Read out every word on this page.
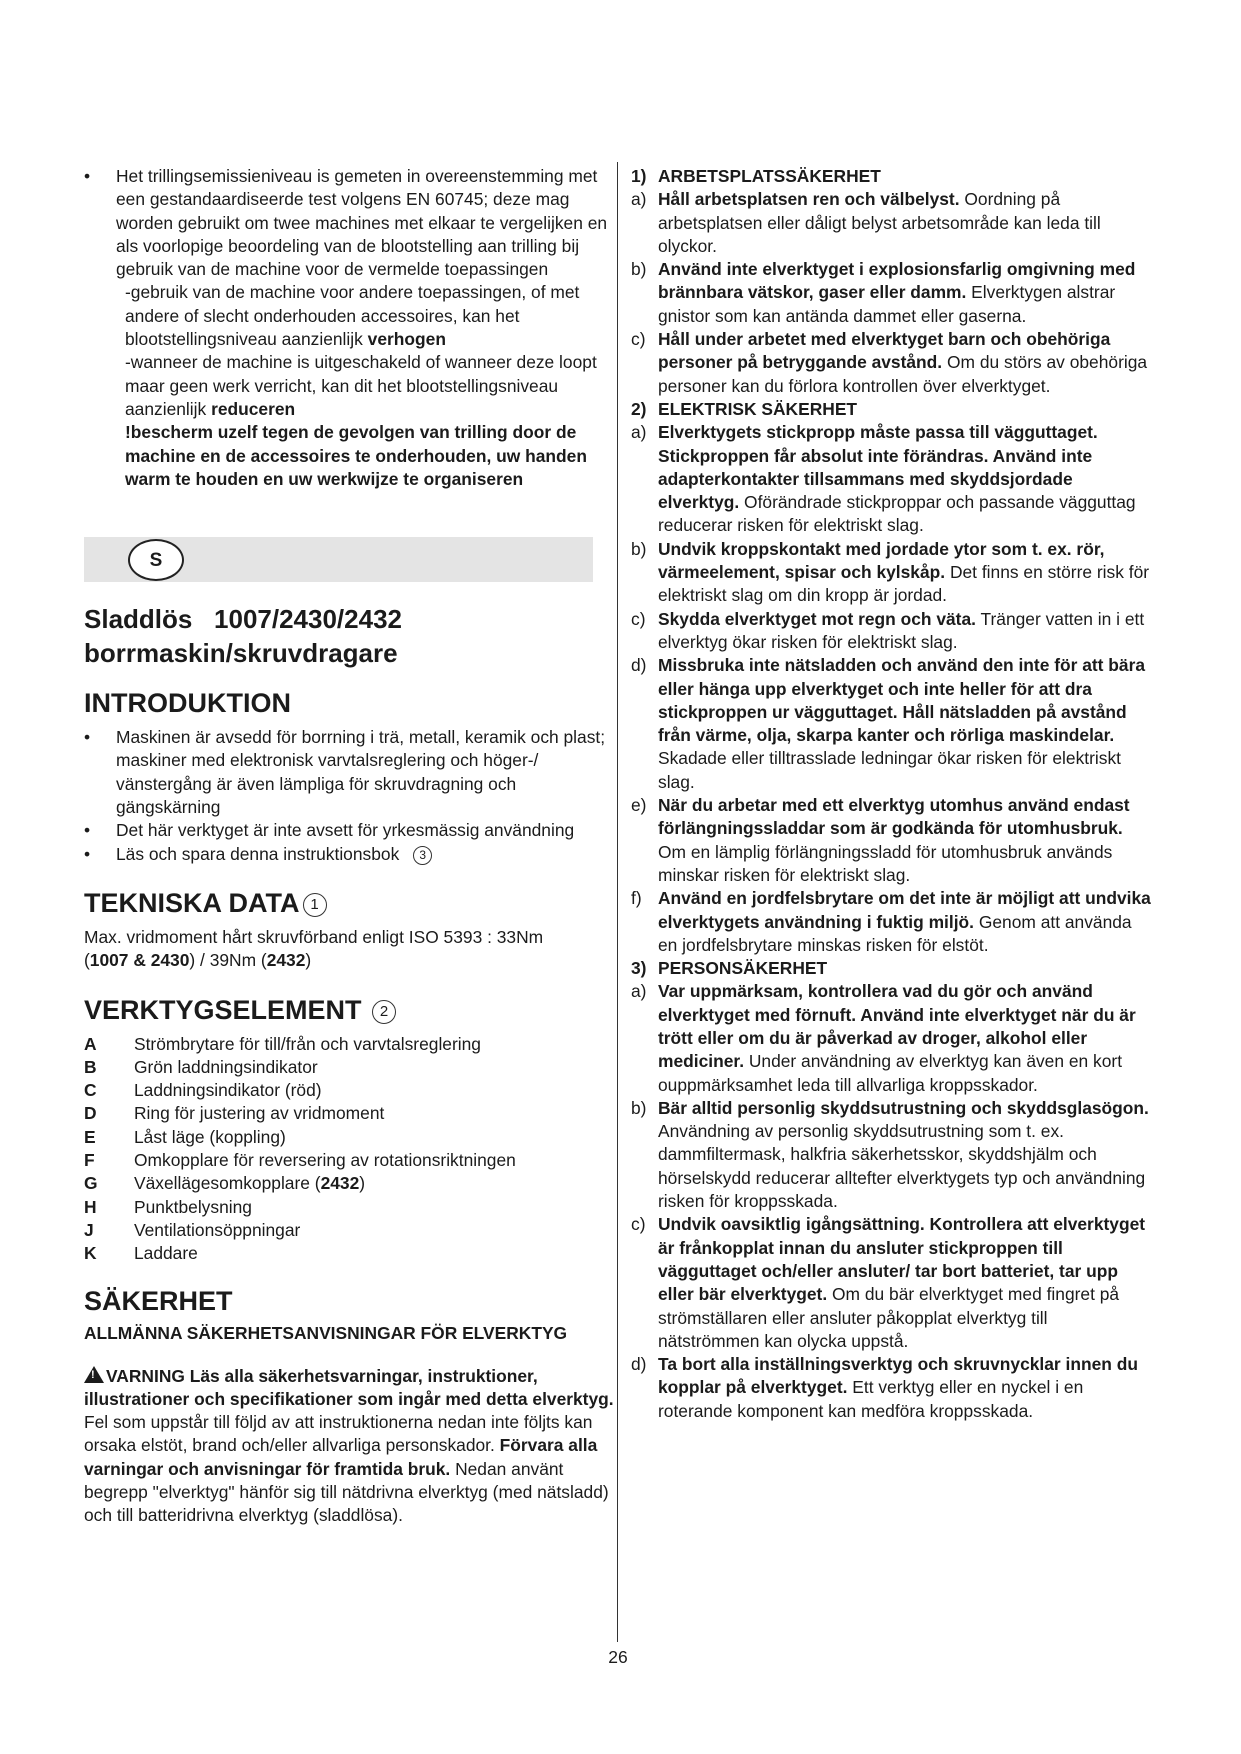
• Het trillingsemissieniveau is gemeten in overeenstemming met een gestandaardiseerde test volgens EN 60745; deze mag worden gebruikt om twee machines met elkaar te vergelijken en als voorlopige beoordeling van de blootstelling aan trilling bij gebruik van de machine voor de vermelde toepassingen

-gebruik van de machine voor andere toepassingen, of met andere of slecht onderhouden accessoires, kan het blootstellingsniveau aanzienlijk verhogen

-wanneer de machine is uitgeschakeld of wanneer deze loopt maar geen werk verricht, kan dit het blootstellingsniveau aanzienlijk reduceren

!bescherm uzelf tegen de gevolgen van trilling door de machine en de accessoires te onderhouden, uw handen warm te houden en uw werkwijze te organiseren

S
Sladdlös   1007/2430/2432
borrmaskin/skruvdragare
INTRODUKTION
• Maskinen är avsedd för borrning i trä, metall, keramik och plast; maskiner med elektronisk varvtalsreglering och höger-/ vänstergång är även lämpliga för skruvdragning och gängskärning
• Det här verktyget är inte avsett för yrkesmässig användning
• Läs och spara denna instruktionsbok 3
TEKNISKA DATA 1

Max. vridmoment hårt skruvförband enligt ISO 5393 : 33Nm
(1007 & 2430) / 39Nm (2432)

VERKTYGSELEMENT 2
A	Strömbrytare för till/från och varvtalsreglering
B	Grön laddningsindikator
C	Laddningsindikator (röd)
D	Ring för justering av vridmoment
E	Låst läge (koppling)
F	Omkopplare för reversering av rotationsriktningen
G	Växellägesomkopplare (2432)
H	Punktbelysning
J	Ventilationsöppningar
K	Laddare
SÄKERHET
ALLMÄNNA SÄKERHETSANVISNINGAR FÖR ELVERKTYG

!VARNING Läs alla säkerhetsvarningar, instruktioner, illustrationer och specifikationer som ingår med detta elverktyg. Fel som uppstår till följd av att instruktionerna nedan inte följts kan orsaka elstöt, brand och/eller allvarliga personskador. Förvara alla varningar och anvisningar för framtida bruk. Nedan använt begrepp "elverktyg" hänför sig till nätdrivna elverktyg (med nätsladd) och till batteridrivna elverktyg (sladdlösa).

1) ARBETSPLATSSÄKERHET
a) Håll arbetsplatsen ren och välbelyst. Oordning på arbetsplatsen eller dåligt belyst arbetsområde kan leda till olyckor.
b) Använd inte elverktyget i explosionsfarlig omgivning med brännbara vätskor, gaser eller damm. Elverktygen alstrar gnistor som kan antända dammet eller gaserna.
c) Håll under arbetet med elverktyget barn och obehöriga personer på betryggande avstånd. Om du störs av obehöriga personer kan du förlora kontrollen över elverktyget.
2) ELEKTRISK SÄKERHET
a) Elverktygets stickpropp måste passa till vägguttaget. Stickproppen får absolut inte förändras. Använd inte adapterkontakter tillsammans med skyddsjordade elverktyg. Oförändrade stickproppar och passande vägguttag reducerar risken för elektriskt slag.
b) Undvik kroppskontakt med jordade ytor som t. ex. rör, värmeelement, spisar och kylskåp. Det finns en större risk för elektriskt slag om din kropp är jordad.
c) Skydda elverktyget mot regn och väta. Tränger vatten in i ett elverktyg ökar risken för elektriskt slag.
d) Missbruka inte nätsladden och använd den inte för att bära eller hänga upp elverktyget och inte heller för att dra stickproppen ur vägguttaget. Håll nätsladden på avstånd från värme, olja, skarpa kanter och rörliga maskindelar. Skadade eller tilltrasslade ledningar ökar risken för elektriskt slag.
e) När du arbetar med ett elverktyg utomhus använd endast förlängningssladdar som är godkända för utomhusbruk. Om en lämplig förlängningssladd för utomhusbruk används minskar risken för elektriskt slag.
f) Använd en jordfelsbrytare om det inte är möjligt att undvika elverktygets användning i fuktig miljö. Genom att använda en jordfelsbrytare minskas risken för elstöt.
3) PERSONSÄKERHET
a) Var uppmärksam, kontrollera vad du gör och använd elverktyget med förnuft. Använd inte elverktyget när du är trött eller om du är påverkad av droger, alkohol eller mediciner. Under användning av elverktyg kan även en kort ouppmärksamhet leda till allvarliga kroppsskador.
b) Bär alltid personlig skyddsutrustning och skyddsglasögon. Användning av personlig skyddsutrustning som t. ex. dammfiltermask, halkfria säkerhetsskor, skyddshjälm och hörselskydd reducerar alltefter elverktygets typ och användning risken för kroppsskada.
c) Undvik oavsiktlig igångsättning. Kontrollera att elverktyget är frånkopplat innan du ansluter stickproppen till vägguttaget och/eller ansluter/ tar bort batteriet, tar upp eller bär elverktyget. Om du bär elverktyget med fingret på strömställaren eller ansluter påkopplat elverktyg till nätströmmen kan olycka uppstå.
d) Ta bort alla inställningsverktyg och skruvnycklar innen du kopplar på elverktyget. Ett verktyg eller en nyckel i en roterande komponent kan medföra kroppsskada.
26
